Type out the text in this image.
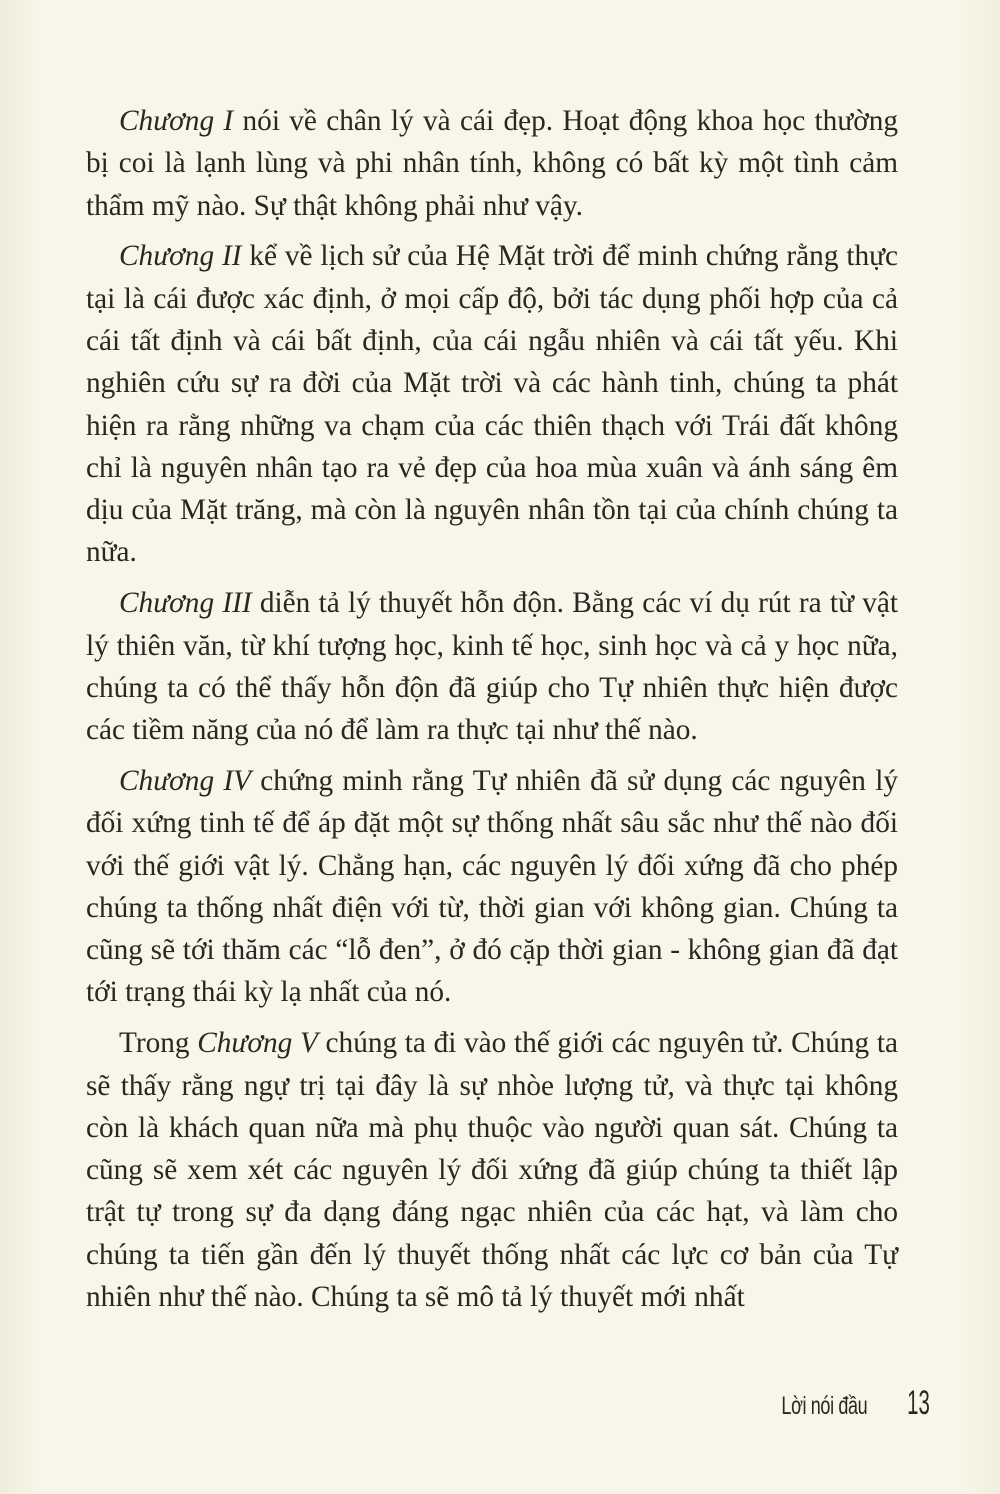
Chương I nói về chân lý và cái đẹp. Hoạt động khoa học thường bị coi là lạnh lùng và phi nhân tính, không có bất kỳ một tình cảm thẩm mỹ nào. Sự thật không phải như vậy.

Chương II kể về lịch sử của Hệ Mặt trời để minh chứng rằng thực tại là cái được xác định, ở mọi cấp độ, bởi tác dụng phối hợp của cả cái tất định và cái bất định, của cái ngẫu nhiên và cái tất yếu. Khi nghiên cứu sự ra đời của Mặt trời và các hành tinh, chúng ta phát hiện ra rằng những va chạm của các thiên thạch với Trái đất không chỉ là nguyên nhân tạo ra vẻ đẹp của hoa mùa xuân và ánh sáng êm dịu của Mặt trăng, mà còn là nguyên nhân tồn tại của chính chúng ta nữa.

Chương III diễn tả lý thuyết hỗn độn. Bằng các ví dụ rút ra từ vật lý thiên văn, từ khí tượng học, kinh tế học, sinh học và cả y học nữa, chúng ta có thể thấy hỗn độn đã giúp cho Tự nhiên thực hiện được các tiềm năng của nó để làm ra thực tại như thế nào.

Chương IV chứng minh rằng Tự nhiên đã sử dụng các nguyên lý đối xứng tinh tế để áp đặt một sự thống nhất sâu sắc như thế nào đối với thế giới vật lý. Chẳng hạn, các nguyên lý đối xứng đã cho phép chúng ta thống nhất điện với từ, thời gian với không gian. Chúng ta cũng sẽ tới thăm các “lỗ đen”, ở đó cặp thời gian - không gian đã đạt tới trạng thái kỳ lạ nhất của nó.

Trong Chương V chúng ta đi vào thế giới các nguyên tử. Chúng ta sẽ thấy rằng ngự trị tại đây là sự nhòe lượng tử, và thực tại không còn là khách quan nữa mà phụ thuộc vào người quan sát. Chúng ta cũng sẽ xem xét các nguyên lý đối xứng đã giúp chúng ta thiết lập trật tự trong sự đa dạng đáng ngạc nhiên của các hạt, và làm cho chúng ta tiến gần đến lý thuyết thống nhất các lực cơ bản của Tự nhiên như thế nào. Chúng ta sẽ mô tả lý thuyết mới nhất

Lời nói đầu 13
